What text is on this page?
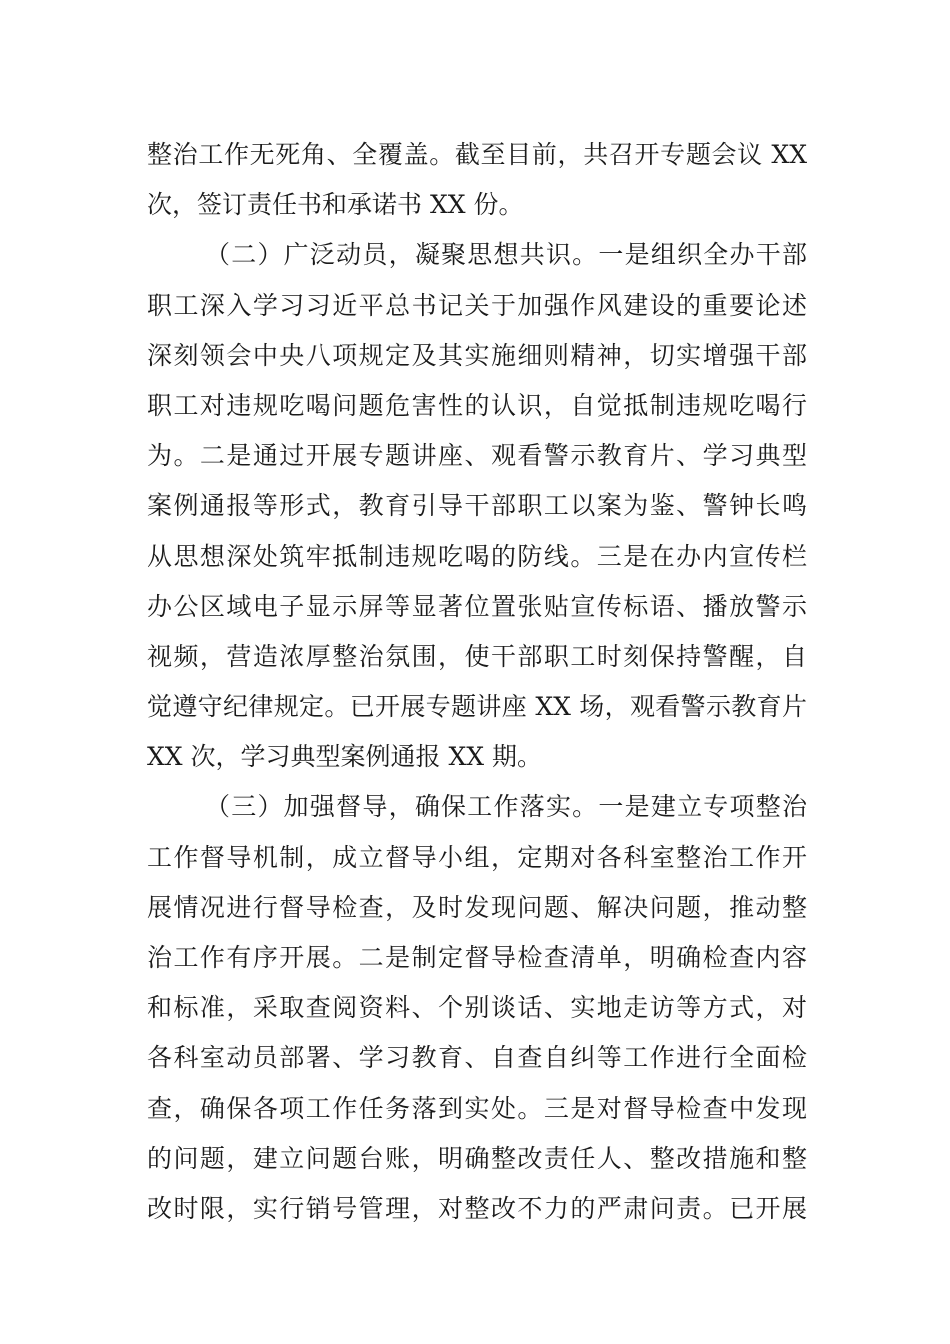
整治工作无死角、全覆盖。截至目前，共召开专题会议 XX
次，签订责任书和承诺书 XX 份。
（二）广泛动员，凝聚思想共识。一是组织全办干部
职工深入学习习近平总书记关于加强作风建设的重要论述
深刻领会中央八项规定及其实施细则精神，切实增强干部
职工对违规吃喝问题危害性的认识，自觉抵制违规吃喝行
为。二是通过开展专题讲座、观看警示教育片、学习典型
案例通报等形式，教育引导干部职工以案为鉴、警钟长鸣
从思想深处筑牢抵制违规吃喝的防线。三是在办内宣传栏
办公区域电子显示屏等显著位置张贴宣传标语、播放警示
视频，营造浓厚整治氛围，使干部职工时刻保持警醒，自
觉遵守纪律规定。已开展专题讲座 XX 场，观看警示教育片
XX 次，学习典型案例通报 XX 期。
（三）加强督导，确保工作落实。一是建立专项整治
工作督导机制，成立督导小组，定期对各科室整治工作开
展情况进行督导检查，及时发现问题、解决问题，推动整
治工作有序开展。二是制定督导检查清单，明确检查内容
和标准，采取查阅资料、个别谈话、实地走访等方式，对
各科室动员部署、学习教育、自查自纠等工作进行全面检
查，确保各项工作任务落到实处。三是对督导检查中发现
的问题，建立问题台账，明确整改责任人、整改措施和整
改时限，实行销号管理，对整改不力的严肃问责。已开展
